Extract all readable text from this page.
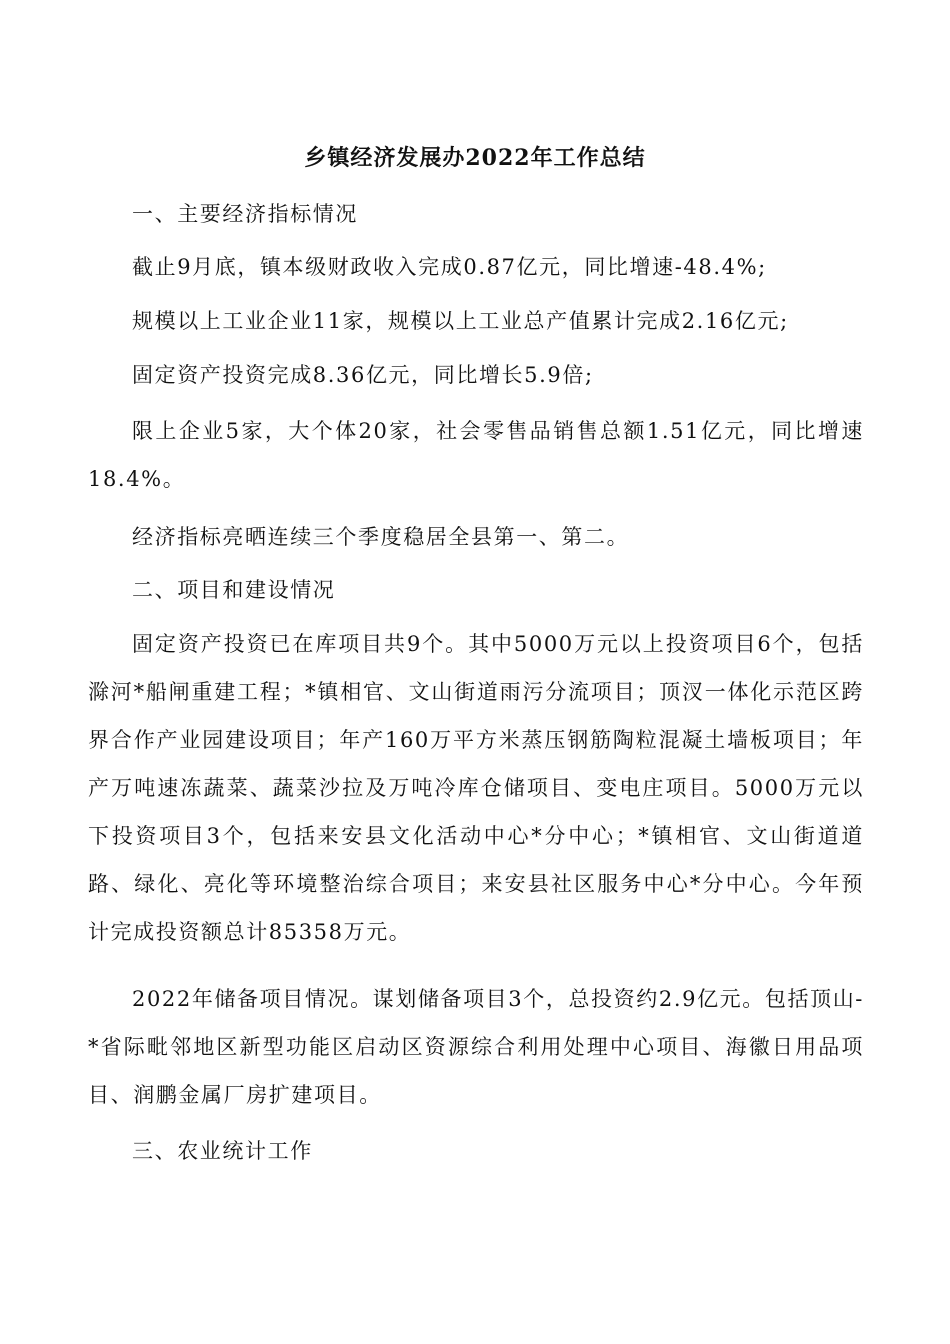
乡镇经济发展办2022年工作总结

一、主要经济指标情况

截止9月底，镇本级财政收入完成0.87亿元，同比增速-48.4%;

规模以上工业企业11家，规模以上工业总产值累计完成2.16亿元;

固定资产投资完成8.36亿元，同比增长5.9倍;

限上企业5家，大个体20家，社会零售品销售总额1.51亿元，同比增速18.4%。

经济指标亮晒连续三个季度稳居全县第一、第二。

二、项目和建设情况

固定资产投资已在库项目共9个。其中5000万元以上投资项目6个，包括滁河*船闸重建工程；*镇相官、文山街道雨污分流项目；顶汊一体化示范区跨界合作产业园建设项目；年产160万平方米蒸压钢筋陶粒混凝土墙板项目；年产万吨速冻蔬菜、蔬菜沙拉及万吨冷库仓储项目、变电庄项目。5000万元以下投资项目3个，包括来安县文化活动中心*分中心；*镇相官、文山街道道路、绿化、亮化等环境整治综合项目；来安县社区服务中心*分中心。今年预计完成投资额总计85358万元。

2022年储备项目情况。谋划储备项目3个，总投资约2.9亿元。包括顶山-*省际毗邻地区新型功能区启动区资源综合利用处理中心项目、海徽日用品项目、润鹏金属厂房扩建项目。

三、农业统计工作
